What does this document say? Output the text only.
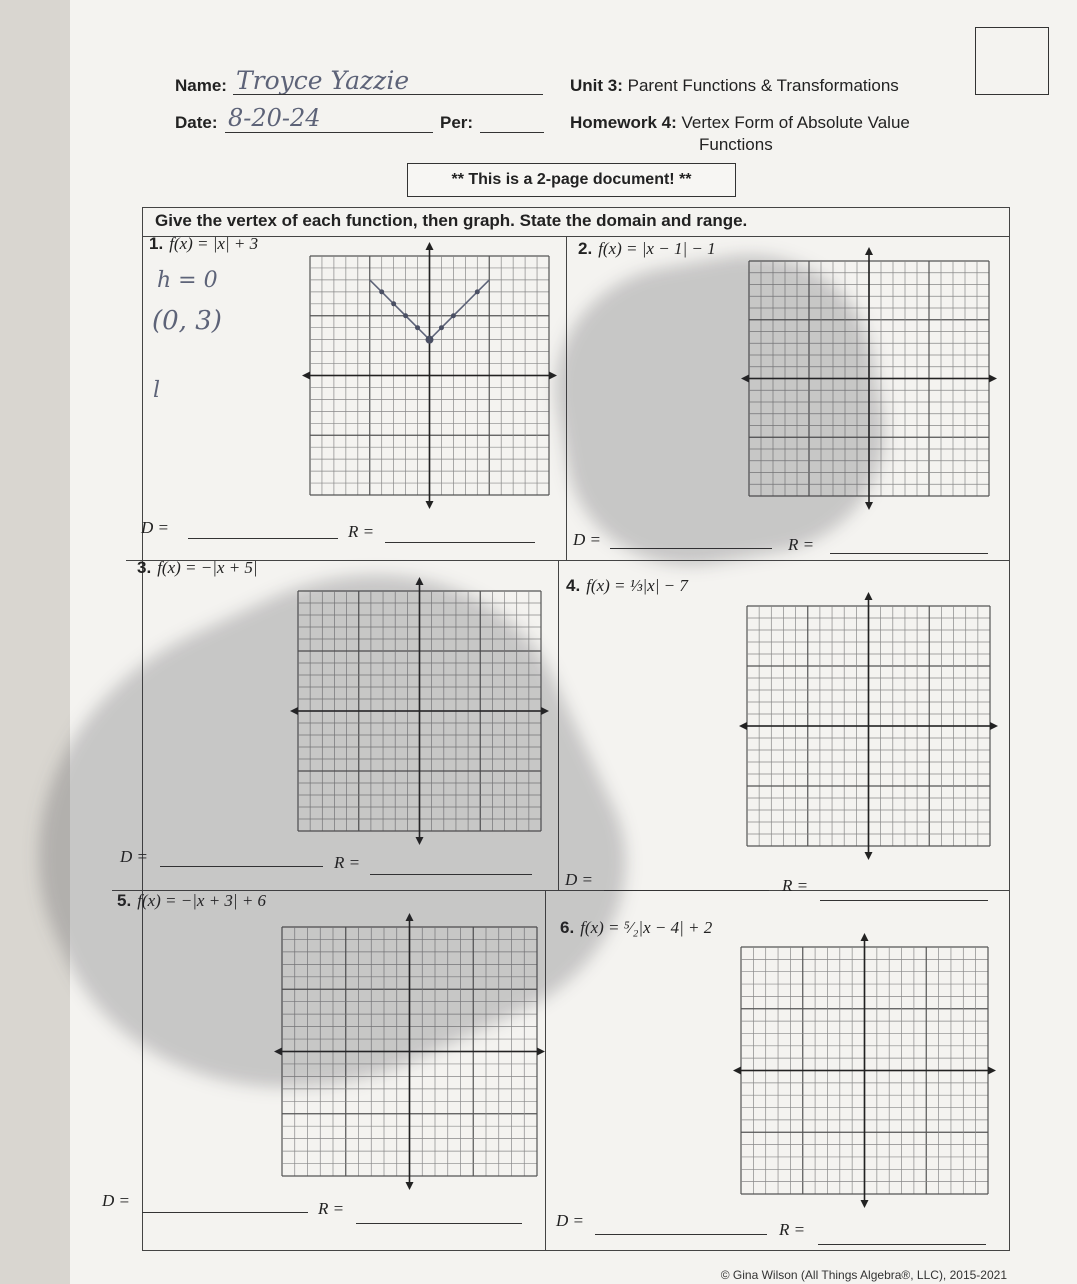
Name: Troyce Yazzie
Date: 8-20-24	Per:
Unit 3: Parent Functions & Transformations
Homework 4: Vertex Form of Absolute Value
Functions
** This is a 2-page document! **
Give the vertex of each function, then graph. State the domain and range.
1. f(x) = |x| + 3	2. f(x) = |x − 1| − 1
3. f(x) = −|x + 5|
4. f(x) = ⅓|x| − 7
5. f(x) = −|x + 3| + 6
6. f(x) = ⁵⁄₂|x − 4| + 2
h = 0
(0, 3)
l
D =	R =	D =	R =
D =	R =
D =	R =
D =	R =
D =	R =
© Gina Wilson (All Things Algebra®, LLC), 2015-2021
